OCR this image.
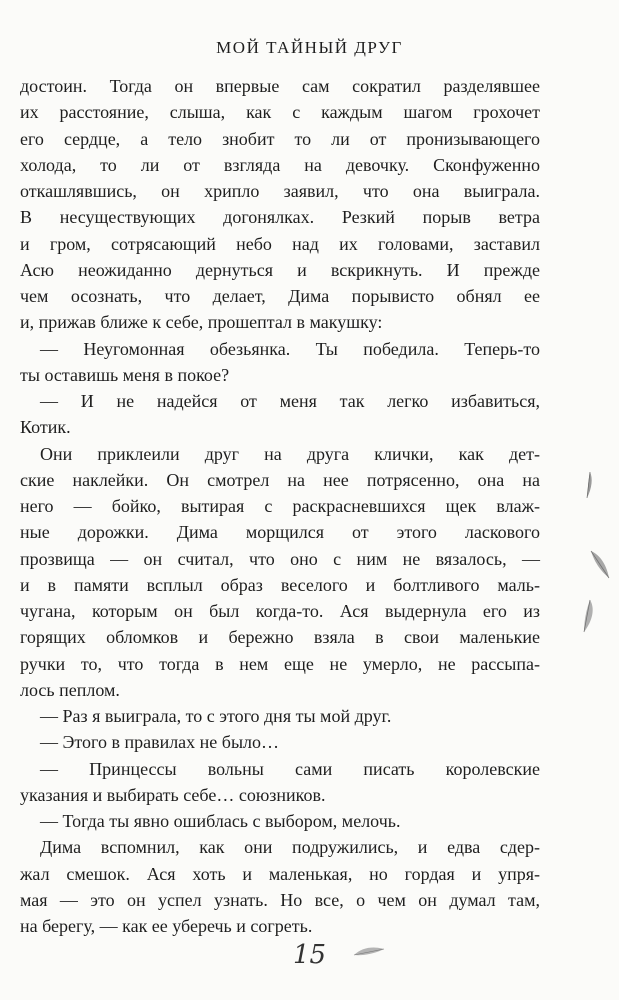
МОЙ ТАЙНЫЙ ДРУГ
достоин. Тогда он впервые сам сократил разделявшее
их расстояние, слыша, как с каждым шагом грохочет
его сердце, а тело знобит то ли от пронизывающего
холода, то ли от взгляда на девочку. Сконфуженно
откашлявшись, он хрипло заявил, что она выиграла.
В несуществующих догонялках. Резкий порыв ветра
и гром, сотрясающий небо над их головами, заставил
Асю неожиданно дернуться и вскрикнуть. И прежде
чем осознать, что делает, Дима порывисто обнял ее
и, прижав ближе к себе, прошептал в макушку:
— Неугомонная обезьянка. Ты победила. Теперь-то
ты оставишь меня в покое?
— И не надейся от меня так легко избавиться,
Котик.
Они приклеили друг на друга клички, как дет-
ские наклейки. Он смотрел на нее потрясенно, она на
него — бойко, вытирая с раскрасневшихся щек влаж-
ные дорожки. Дима морщился от этого ласкового
прозвища — он считал, что оно с ним не вязалось, —
и в памяти всплыл образ веселого и болтливого маль-
чугана, которым он был когда-то. Ася выдернула его из
горящих обломков и бережно взяла в свои маленькие
ручки то, что тогда в нем еще не умерло, не рассыпа-
лось пеплом.
— Раз я выиграла, то с этого дня ты мой друг.
— Этого в правилах не было…
— Принцессы вольны сами писать королевские
указания и выбирать себе… союзников.
— Тогда ты явно ошиблась с выбором, мелочь.
Дима вспомнил, как они подружились, и едва сдер-
жал смешок. Ася хоть и маленькая, но гордая и упря-
мая — это он успел узнать. Но все, о чем он думал там,
на берегу, — как ее уберечь и согреть.
15
